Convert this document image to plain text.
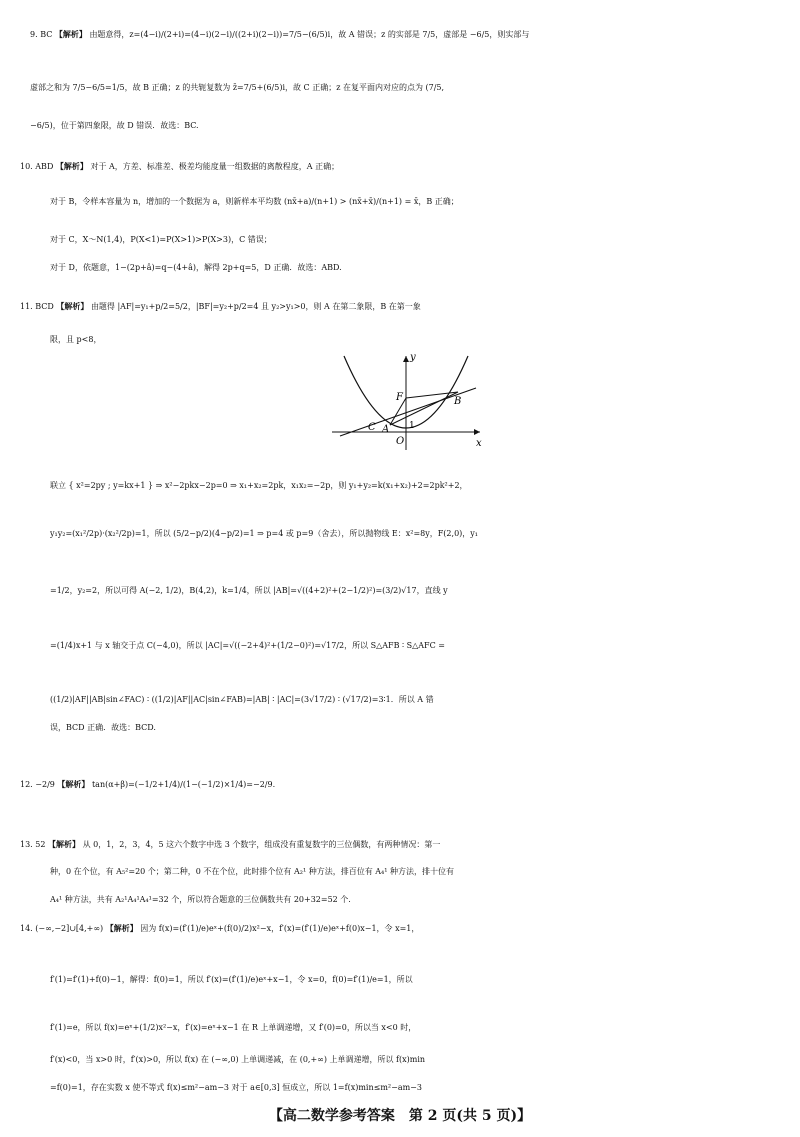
9. BC 【解析】 由题意得，z=(4−i)/(2+i)=(4−i)(2−i)/((2+i)(2−i))=7/5−(6/5)i，故 A 错误；z 的实部是 7/5，虚部是 −6/5，则实部与
虚部之和为 7/5−6/5=1/5，故 B 正确；z 的共轭复数为 z̄=7/5+(6/5)i，故 C 正确；z 在复平面内对应的点为 (7/5,
−6/5)，位于第四象限，故 D 错误．故选：BC.
10. ABD 【解析】 对于 A，方差、标准差、极差均能度量一组数据的离散程度，A 正确；
对于 B，令样本容量为 n，增加的一个数据为 a，则新样本平均数 (nx̄+a)/(n+1) > (nx̄+x̄)/(n+1) = x̄，B 正确；
对于 C，X～N(1,4)，P(X<1)=P(X>1)>P(X>3)，C 错误；
对于 D，依题意，1−(2p+â)=q−(4+â)，解得 2p+q=5，D 正确．故选：ABD.
11. BCD 【解析】 由题得 |AF|=y₁+p/2=5/2，|BF|=y₂+p/2=4 且 y₂>y₁>0，则 A 在第二象限，B 在第一象
限，且 p<8，
y
x
F	B
C A
O
1
联立 { x²=2py ; y=kx+1 } ⇒ x²−2pkx−2p=0 ⇒ x₁+x₂=2pk，x₁x₂=−2p，则 y₁+y₂=k(x₁+x₂)+2=2pk²+2，
y₁y₂=(x₁²/2p)·(x₂²/2p)=1，所以 (5/2−p/2)(4−p/2)=1 ⇒ p=4 或 p=9（舍去），所以抛物线 E：x²=8y，F(2,0)，y₁
=1/2，y₂=2，所以可得 A(−2, 1/2)，B(4,2)，k=1/4，所以 |AB|=√((4+2)²+(2−1/2)²)=(3/2)√17，直线 y
=(1/4)x+1 与 x 轴交于点 C(−4,0)，所以 |AC|=√((−2+4)²+(1/2−0)²)=√17/2，所以 S△AFB ∶ S△AFC =
((1/2)|AF||AB|sin∠FAC) ∶ ((1/2)|AF||AC|sin∠FAB)=|AB| ∶ |AC|=(3√17/2) ∶ (√17/2)=3∶1．所以 A 错
误，BCD 正确．故选：BCD.
12. −2/9 【解析】 tan(α+β)=(−1/2+1/4)/(1−(−1/2)×1/4)=−2/9.
13. 52 【解析】 从 0，1，2，3，4，5 这六个数字中选 3 个数字，组成没有重复数字的三位偶数，有两种情况：第一
种，0 在个位，有 A₅²=20 个；第二种，0 不在个位，此时排个位有 A₂¹ 种方法，排百位有 A₄¹ 种方法，排十位有
A₄¹ 种方法，共有 A₂¹A₄¹A₄¹=32 个，所以符合题意的三位偶数共有 20+32=52 个.
14. (−∞,−2]∪[4,+∞) 【解析】 因为 f(x)=(f′(1)/e)eˣ+(f(0)/2)x²−x，f′(x)=(f′(1)/e)eˣ+f(0)x−1，令 x=1，
f′(1)=f′(1)+f(0)−1，解得：f(0)=1，所以 f′(x)=(f′(1)/e)eˣ+x−1，令 x=0，f(0)=f′(1)/e=1，所以
f′(1)=e，所以 f(x)=eˣ+(1/2)x²−x，f′(x)=eˣ+x−1 在 R 上单调递增，又 f′(0)=0，所以当 x<0 时，
f′(x)<0，当 x>0 时，f′(x)>0，所以 f(x) 在 (−∞,0) 上单调递减，在 (0,+∞) 上单调递增，所以 f(x)min
=f(0)=1，存在实数 x 使不等式 f(x)≤m²−am−3 对于 a∈[0,3] 恒成立，所以 1=f(x)min≤m²−am−3
【高二数学参考答案　第 2 页(共 5 页)】
